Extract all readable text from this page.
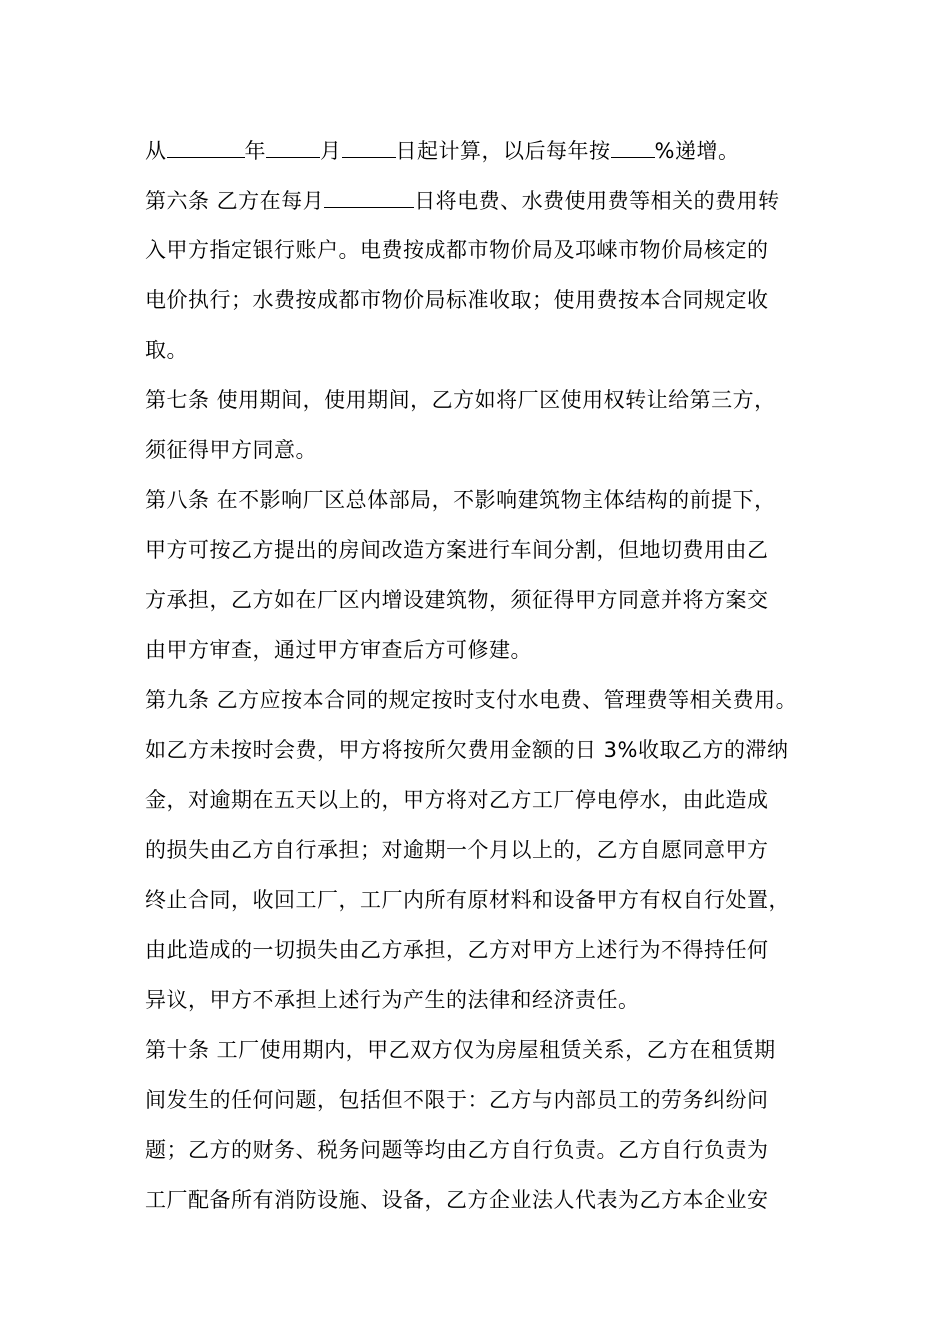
从	年	月	日起计算，以后每年按 %递增。
第六条 乙方在每月	日将电费、水费使用费等相关的费用转
入甲方指定银行账户。电费按成都市物价局及邛崃市物价局核定的
电价执行；水费按成都市物价局标准收取；使用费按本合同规定收
取。
第七条 使用期间，使用期间，乙方如将厂区使用权转让给第三方，
须征得甲方同意。
第八条 在不影响厂区总体部局，不影响建筑物主体结构的前提下，
甲方可按乙方提出的房间改造方案进行车间分割，但地切费用由乙
方承担，乙方如在厂区内增设建筑物，须征得甲方同意并将方案交
由甲方审查，通过甲方审查后方可修建。
第九条 乙方应按本合同的规定按时支付水电费、管理费等相关费用。
如乙方未按时会费，甲方将按所欠费用金额的日 3%收取乙方的滞纳
金，对逾期在五天以上的，甲方将对乙方工厂停电停水，由此造成
的损失由乙方自行承担；对逾期一个月以上的，乙方自愿同意甲方
终止合同，收回工厂，工厂内所有原材料和设备甲方有权自行处置，
由此造成的一切损失由乙方承担，乙方对甲方上述行为不得持任何
异议，甲方不承担上述行为产生的法律和经济责任。
第十条 工厂使用期内，甲乙双方仅为房屋租赁关系，乙方在租赁期
间发生的任何问题，包括但不限于：乙方与内部员工的劳务纠纷问
题；乙方的财务、税务问题等均由乙方自行负责。乙方自行负责为
工厂配备所有消防设施、设备，乙方企业法人代表为乙方本企业安
